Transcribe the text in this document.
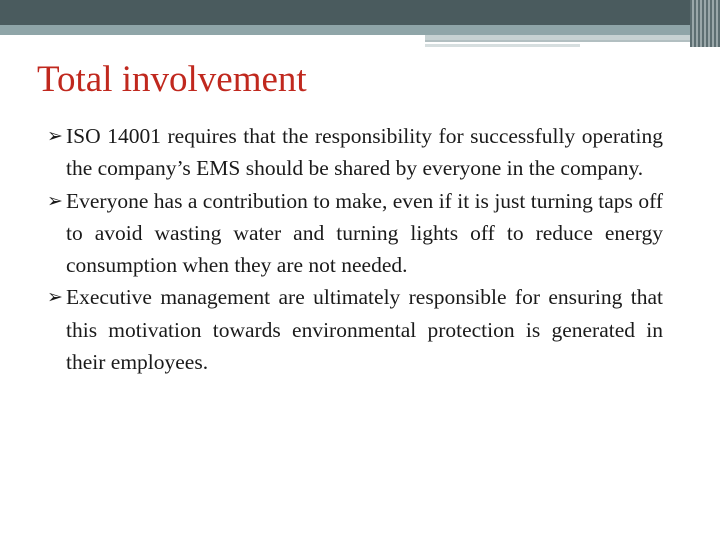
Total involvement
➢ ISO 14001 requires that the responsibility for successfully operating the company’s EMS should be shared by everyone in the company.
➢ Everyone has a contribution to make, even if it is just turning taps off to avoid wasting water and turning lights off to reduce energy consumption when they are not needed.
➢ Executive management are ultimately responsible for ensuring that this motivation towards environmental protection is generated in their employees.
